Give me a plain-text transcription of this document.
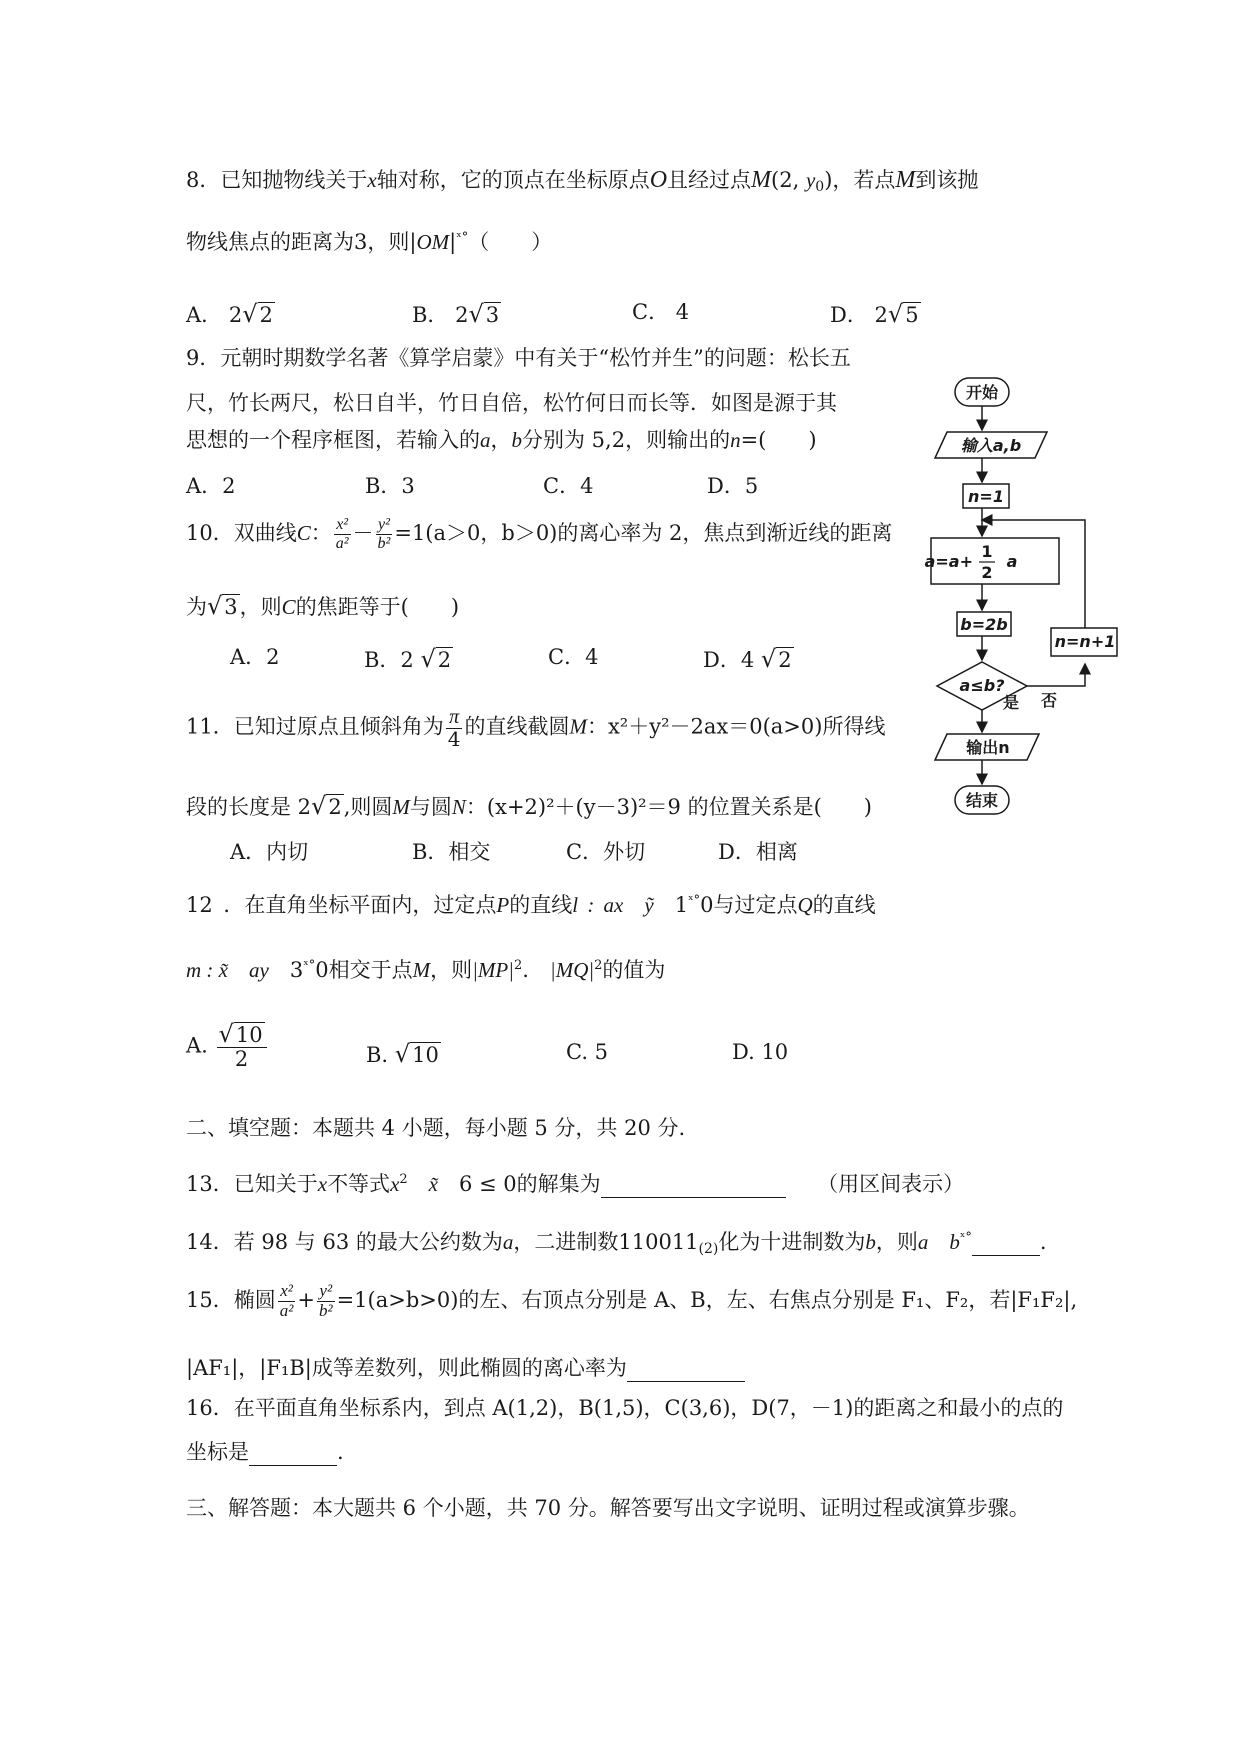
8．已知抛物线关于x轴对称，它的顶点在坐标原点O且经过点M(2, $y_0$)，若点M到该抛
物线焦点的距离为3，则$|OM|^{ˣ^\circ}$（　　）
A． 2√2	B． 2√3	C． 4	D． 2√5
9．元朝时期数学名著《算学启蒙》中有关于“松竹并生”的问题：松长五
尺，竹长两尺，松日自半，竹日自倍，松竹何日而长等．如图是源于其
思想的一个程序框图，若输入的a，b分别为 5,2，则输出的n=(　　)
A．2	B．3	C．4	D．5
开始
输入a,b
n=1
a=a+
1
2
a
b=2b
a≤b?
n=n+1
否
是
输出n
结束
10．双曲线C： $\frac{\text{x²}}{\text{a²}} - \frac{\text{y²}}{\text{b²}} =1(a>0$，b＞0)的离心率为 2，焦点到渐近线的距离
为√3，则C的焦距等于(　　)
A．2	B．2 √2	C．4	D．4 √2
11．已知过原点且倾斜角为 $\frac{\pi}{4}$ 的直线截圆M：x²＋y²－2ax＝0(a>0)所得线
段的长度是 2√2,则圆M与圆N：(x+2)²＋(y－3)²＝9 的位置关系是(　　)
A．内切	B．相交	C．外切	D．相离
12 ．在直角坐标平面内，过定点P的直线l : ax　 ỹ　 $1^{ˣ^\circ}0$与过定点Q的直线
m : x̃　 ay　 $3^{ˣ^\circ}0$相交于点M，则$|MP|^2$.　 $|MQ|^2$的值为
A. $\frac{√10}{2}$	B. √10	C. 5	D. 10
二、填空题：本题共 4 小题，每小题 5 分，共 20 分.
13．已知关于x不等式$x^2$　 x̃　 6 ≤ 0的解集为 　　	（用区间表示）
14．若 98 与 63 的最大公约数为a，二进制数$110011_{(2)}$化为十进制数为b，则a　$b^{ˣ^\circ}$	.
15．椭圆 $\frac{\text{x²}}{\text{a²}} + \frac{\text{y²}}{\text{b²}} =1(a>b>0)$的左、右顶点分别是 A、B，左、右焦点分别是 F₁、F₂，若|F₁F₂|,
|AF₁|，|F₁B|成等差数列，则此椭圆的离心率为
16．在平面直角坐标系内，到点 A(1,2)，B(1,5)，C(3,6)，D(7，－1)的距离之和最小的点的
坐标是	.
三、解答题：本大题共 6 个小题，共 70 分。解答要写出文字说明、证明过程或演算步骤。
